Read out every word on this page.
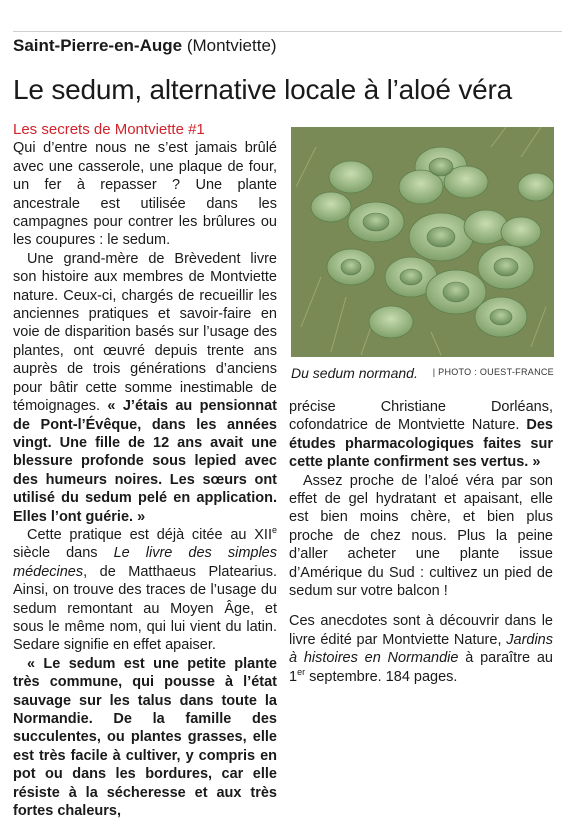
Saint-Pierre-en-Auge (Montviette)
Le sedum, alternative locale à l’aloé véra

Les secrets de Montviette #1

Qui d’entre nous ne s’est jamais brûlé avec une casserole, une plaque de four, un fer à repasser ? Une plante ancestrale est utilisée dans les campagnes pour contrer les brûlures ou les coupures : le sedum.

Une grand-mère de Brèvedent livre son histoire aux membres de Montviette nature. Ceux-ci, chargés de recueillir les anciennes pratiques et savoir-faire en voie de disparition basés sur l’usage des plantes, ont œuvré depuis trente ans auprès de trois générations d’anciens pour bâtir cette somme inestimable de témoignages. « J’étais au pensionnat de Pont-l’Évêque, dans les années vingt. Une fille de 12 ans avait une blessure profonde sous lepied avec des humeurs noires. Les sœurs ont utilisé du sedum pelé en application. Elles l’ont guérie. »

Cette pratique est déjà citée au XIIe siècle dans Le livre des simples médecines, de Matthaeus Platearius. Ainsi, on trouve des traces de l’usage du sedum remontant au Moyen Âge, et sous le même nom, qui lui vient du latin. Sedare signifie en effet apaiser.

« Le sedum est une petite plante très commune, qui pousse à l’état sauvage sur les talus dans toute la Normandie. De la famille des succulentes, ou plantes grasses, elle est très facile à cultiver, y compris en pot ou dans les bordures, car elle résiste à la sécheresse et aux très fortes chaleurs,

Du sedum normand. | PHOTO : OUEST-FRANCE

précise Christiane Dorléans, cofondatrice de Montviette Nature. Des études pharmacologiques faites sur cette plante confirment ses vertus. »

Assez proche de l’aloé véra par son effet de gel hydratant et apaisant, elle est bien moins chère, et bien plus proche de chez nous. Plus la peine d’aller acheter une plante issue d’Amérique du Sud : cultivez un pied de sedum sur votre balcon !

Ces anecdotes sont à découvrir dans le livre édité par Montviette Nature, Jardins à histoires en Normandie à paraître au 1er septembre. 184 pages.
